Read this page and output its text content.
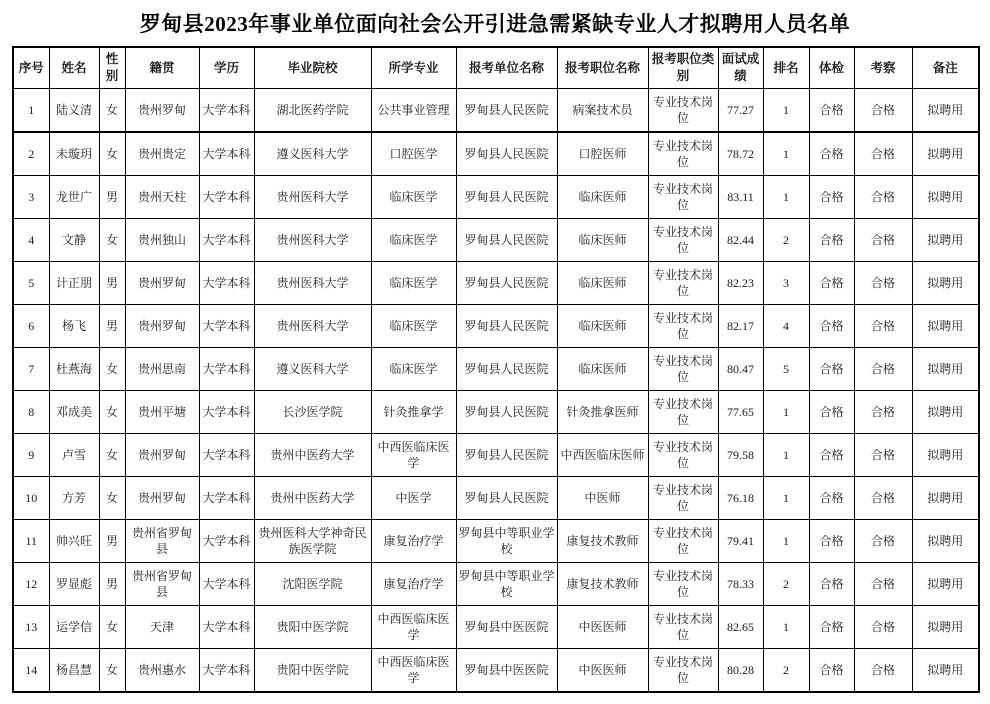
罗甸县2023年事业单位面向社会公开引进急需紧缺专业人才拟聘用人员名单
序号	姓名	性别	籍贯	学历	毕业院校	所学专业	报考单位名称	报考职位名称	报考职位类别	面试成绩	排名	体检	考察	备注
1	陆义清	女	贵州罗甸	大学本科	湖北医药学院	公共事业管理	罗甸县人民医院	病案技术员	专业技术岗位	77.27	1	合格	合格	拟聘用
2	未璇玥	女	贵州贵定	大学本科	遵义医科大学	口腔医学	罗甸县人民医院	口腔医师	专业技术岗位	78.72	1	合格	合格	拟聘用
3	龙世广	男	贵州天柱	大学本科	贵州医科大学	临床医学	罗甸县人民医院	临床医师	专业技术岗位	83.11	1	合格	合格	拟聘用
4	文静	女	贵州独山	大学本科	贵州医科大学	临床医学	罗甸县人民医院	临床医师	专业技术岗位	82.44	2	合格	合格	拟聘用
5	计正朋	男	贵州罗甸	大学本科	贵州医科大学	临床医学	罗甸县人民医院	临床医师	专业技术岗位	82.23	3	合格	合格	拟聘用
6	杨飞	男	贵州罗甸	大学本科	贵州医科大学	临床医学	罗甸县人民医院	临床医师	专业技术岗位	82.17	4	合格	合格	拟聘用
7	杜燕海	女	贵州思南	大学本科	遵义医科大学	临床医学	罗甸县人民医院	临床医师	专业技术岗位	80.47	5	合格	合格	拟聘用
8	邓成美	女	贵州平塘	大学本科	长沙医学院	针灸推拿学	罗甸县人民医院	针灸推拿医师	专业技术岗位	77.65	1	合格	合格	拟聘用
9	卢雪	女	贵州罗甸	大学本科	贵州中医药大学	中西医临床医学	罗甸县人民医院	中西医临床医师	专业技术岗位	79.58	1	合格	合格	拟聘用
10	方芳	女	贵州罗甸	大学本科	贵州中医药大学	中医学	罗甸县人民医院	中医师	专业技术岗位	76.18	1	合格	合格	拟聘用
11	帅兴旺	男	贵州省罗甸县	大学本科	贵州医科大学神奇民族医学院	康复治疗学	罗甸县中等职业学校	康复技术教师	专业技术岗位	79.41	1	合格	合格	拟聘用
12	罗显彪	男	贵州省罗甸县	大学本科	沈阳医学院	康复治疗学	罗甸县中等职业学校	康复技术教师	专业技术岗位	78.33	2	合格	合格	拟聘用
13	运学信	女	天津	大学本科	贵阳中医学院	中西医临床医学	罗甸县中医医院	中医医师	专业技术岗位	82.65	1	合格	合格	拟聘用
14	杨昌慧	女	贵州惠水	大学本科	贵阳中医学院	中西医临床医学	罗甸县中医医院	中医医师	专业技术岗位	80.28	2	合格	合格	拟聘用
